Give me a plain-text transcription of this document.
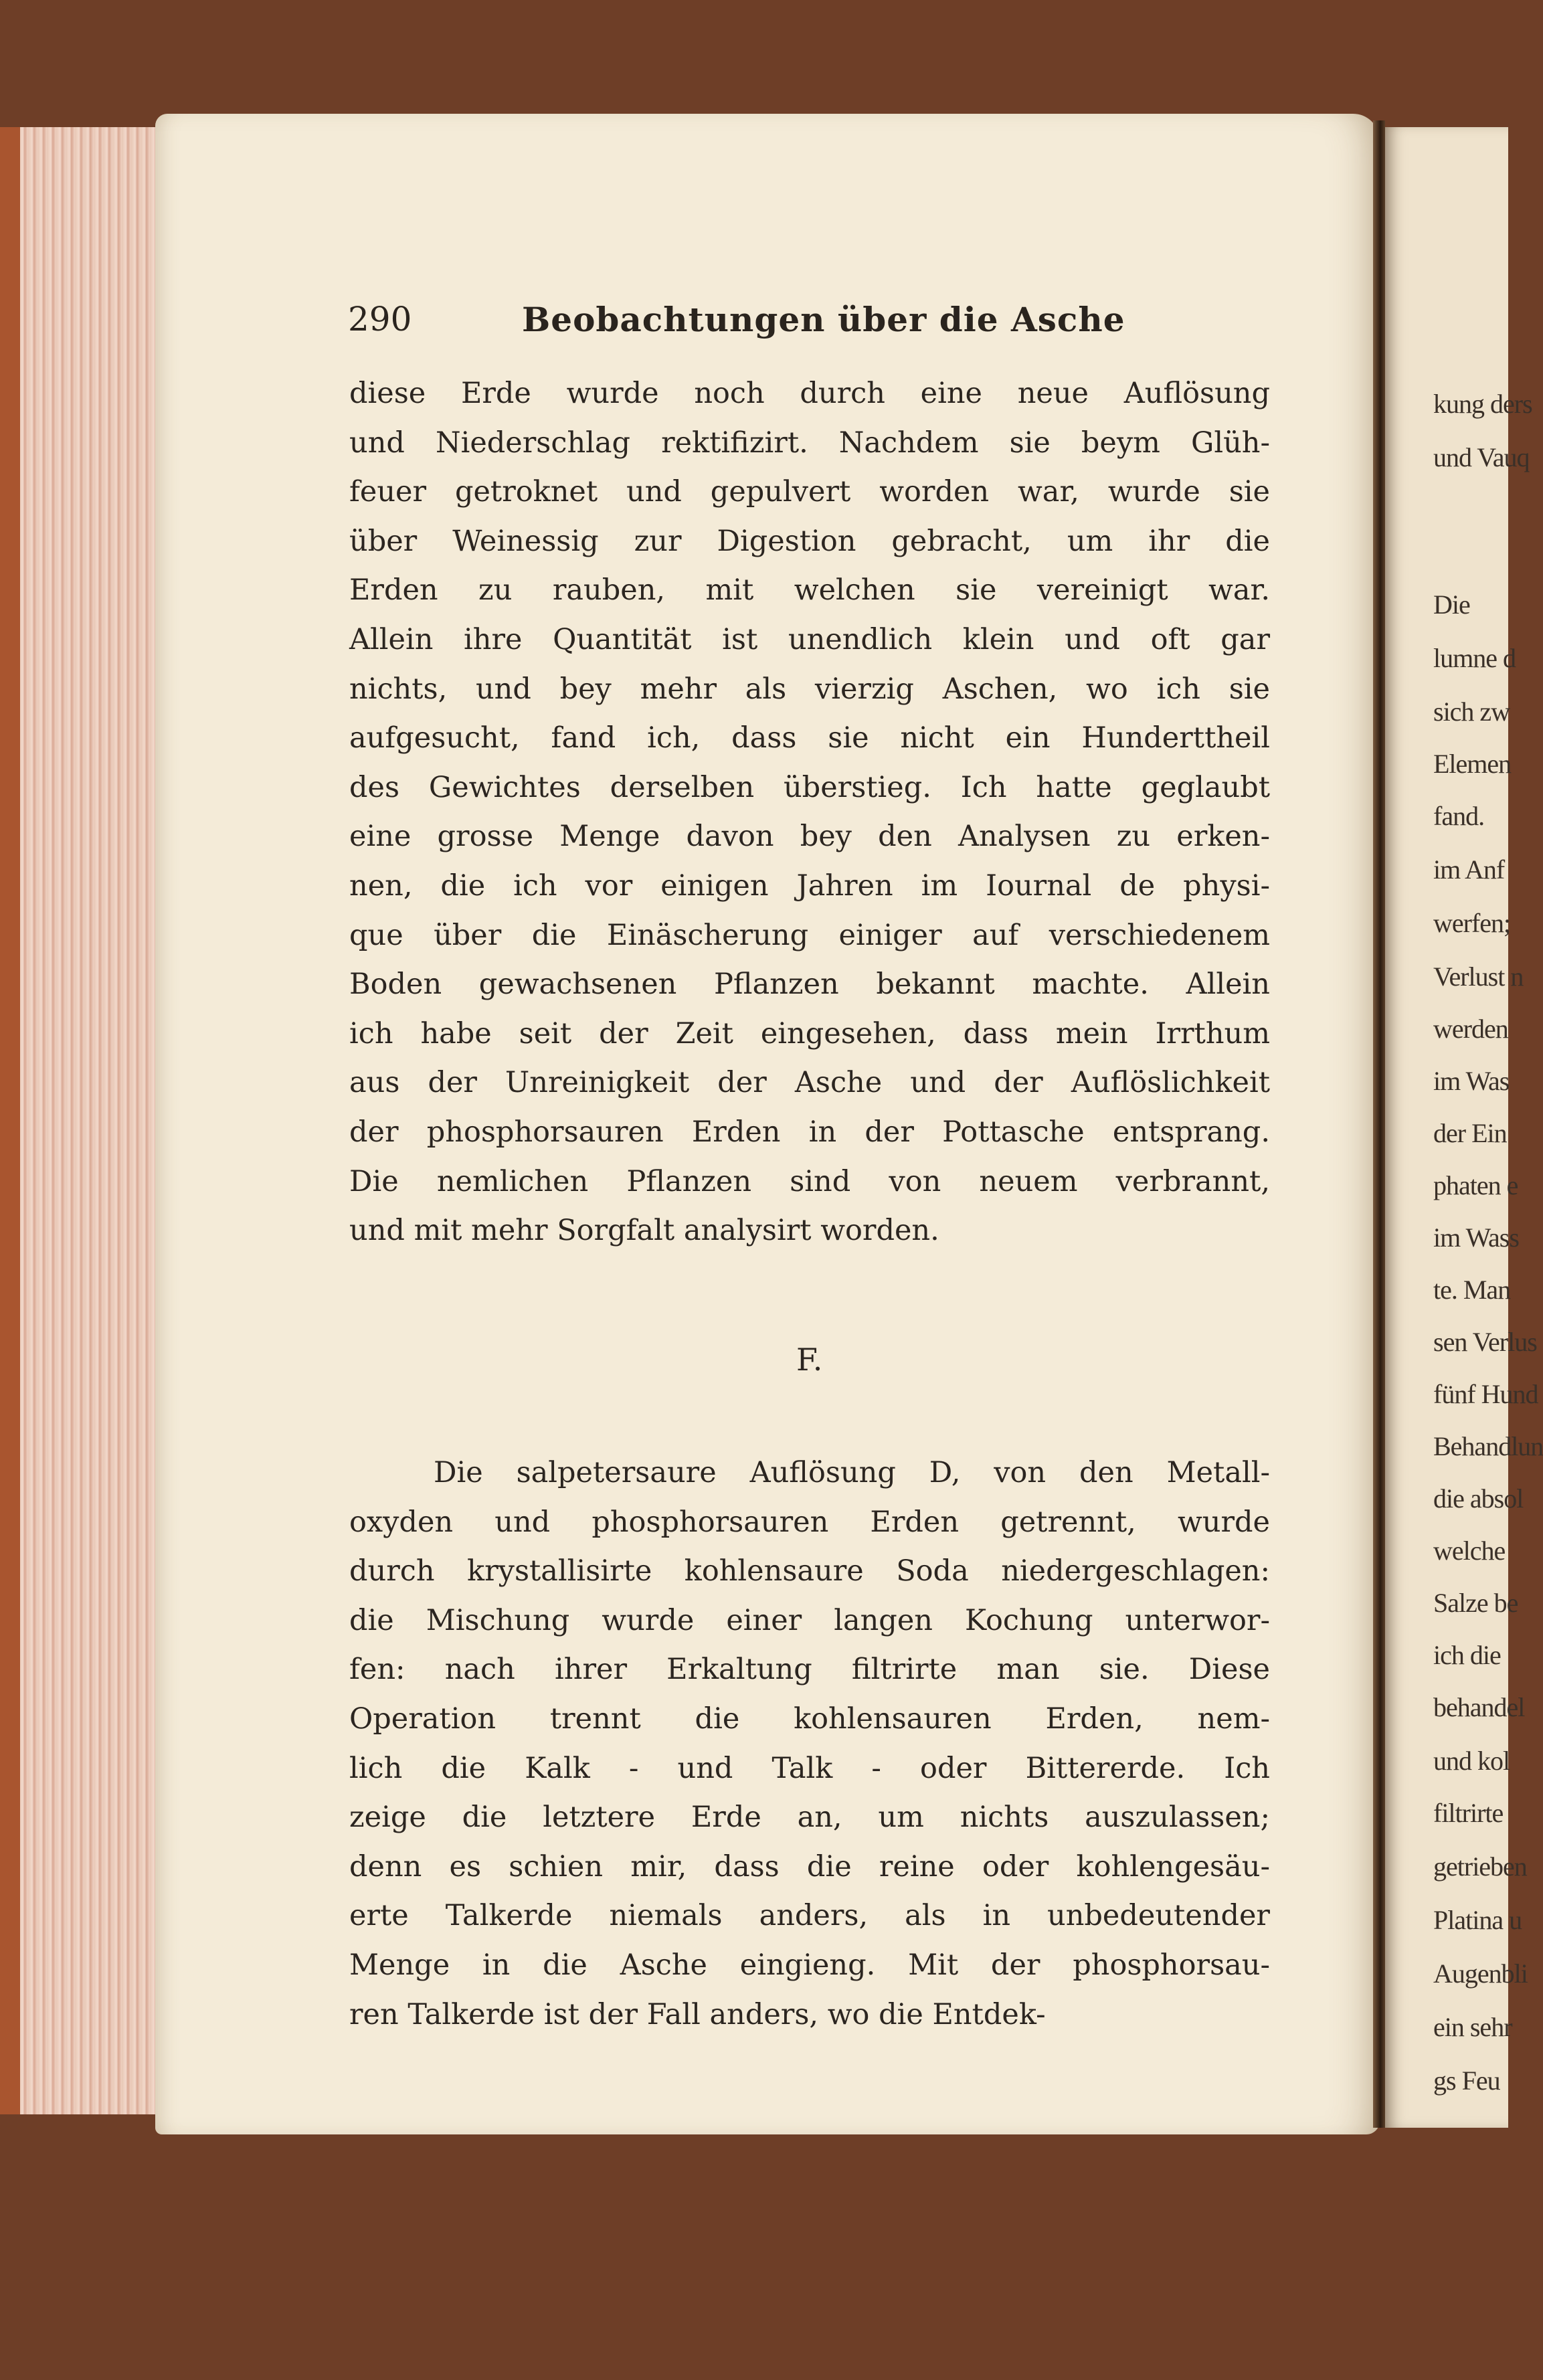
kung ders
und Vauq
Die
lumne d
sich zw
Elemen
fand.
im Anf
werfen;
Verlust n
werden
im Was
der Ein
phaten e
im Wass
te. Man
sen Verlus
fünf Hund
Behandlun
die absol
welche
Salze be
ich die
behandel
und kol
filtrirte
getrieben
Platina u
Augenbli
ein sehr
gs Feu
290	Beobachtungen über die Asche
diese Erde wurde noch durch eine neue Auflösung
und Niederschlag rektifizirt. Nachdem sie beym Glüh-
feuer getroknet und gepulvert worden war, wurde sie
über Weinessig zur Digestion gebracht, um ihr die
Erden zu rauben, mit welchen sie vereinigt war.
Allein ihre Quantität ist unendlich klein und oft gar
nichts, und bey mehr als vierzig Aschen, wo ich sie
aufgesucht, fand ich, dass sie nicht ein Hunderttheil
des Gewichtes derselben überstieg. Ich hatte geglaubt
eine grosse Menge davon bey den Analysen zu erken-
nen, die ich vor einigen Jahren im Iournal de physi-
que über die Einäscherung einiger auf verschiedenem
Boden gewachsenen Pflanzen bekannt machte. Allein
ich habe seit der Zeit eingesehen, dass mein Irrthum
aus der Unreinigkeit der Asche und der Auflöslichkeit
der phosphorsauren Erden in der Pottasche entsprang.
Die nemlichen Pflanzen sind von neuem verbrannt,
und mit mehr Sorgfalt analysirt worden.
F.
Die salpetersaure Auflösung D, von den Metall-
oxyden und phosphorsauren Erden getrennt, wurde
durch krystallisirte kohlensaure Soda niedergeschlagen:
die Mischung wurde einer langen Kochung unterwor-
fen: nach ihrer Erkaltung filtrirte man sie. Diese
Operation trennt die kohlensauren Erden, nem-
lich die Kalk - und Talk - oder Bittererde. Ich
zeige die letztere Erde an, um nichts auszulassen;
denn es schien mir, dass die reine oder kohlengesäu-
erte Talkerde niemals anders, als in unbedeutender
Menge in die Asche eingieng. Mit der phosphorsau-
ren Talkerde ist der Fall anders, wo die Entdek-
